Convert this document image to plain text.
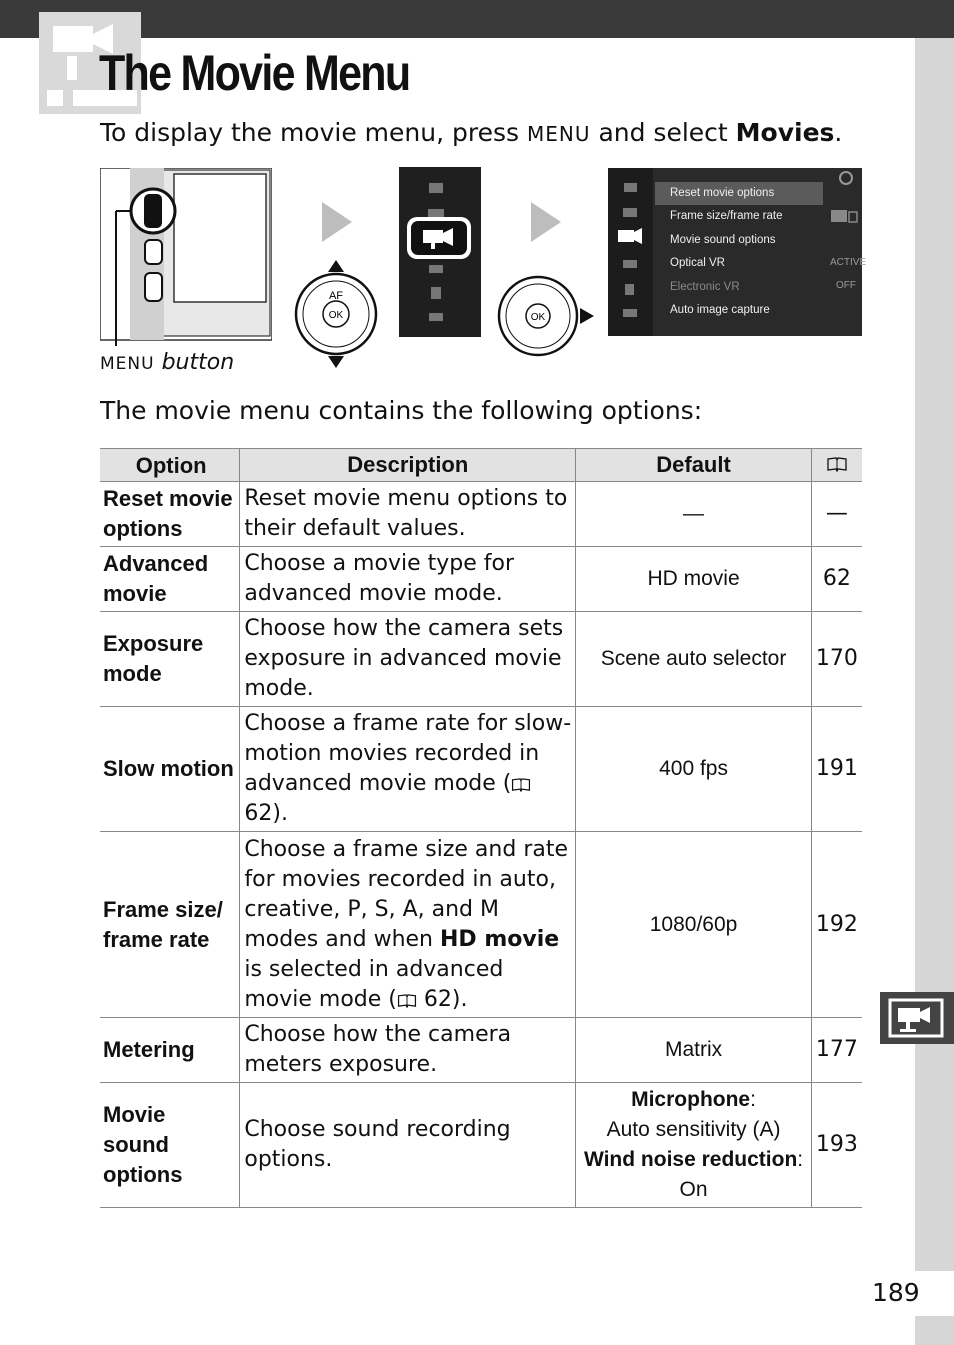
The Movie Menu
To display the movie menu, press MENU and select Movies.
MENU button
AF
OK	OK
Reset movie options
Frame size/frame rate
Movie sound options
Optical VR
Electronic VR
Auto image capture
ACTIVE
OFF
The movie menu contains the following options:
Option	Description	Default	
Reset movie options	Reset movie menu options to their default values.	—	—
Advanced movie	Choose a movie type for advanced movie mode.	HD movie	62
Exposure mode	Choose how the camera sets exposure in advanced movie mode.	Scene auto selector	170
Slow motion	Choose a frame rate for slow-motion movies recorded in advanced movie mode ( 62).	400 fps	191
Frame size/ frame rate	Choose a frame size and rate for movies recorded in auto, creative, P, S, A, and M modes and when HD movie is selected in advanced movie mode ( 62).	1080/60p	192
Metering	Choose how the camera meters exposure.	Matrix	177
Movie sound options	Choose sound recording options.	Microphone:
Auto sensitivity (A)
Wind noise reduction: On	193
189
